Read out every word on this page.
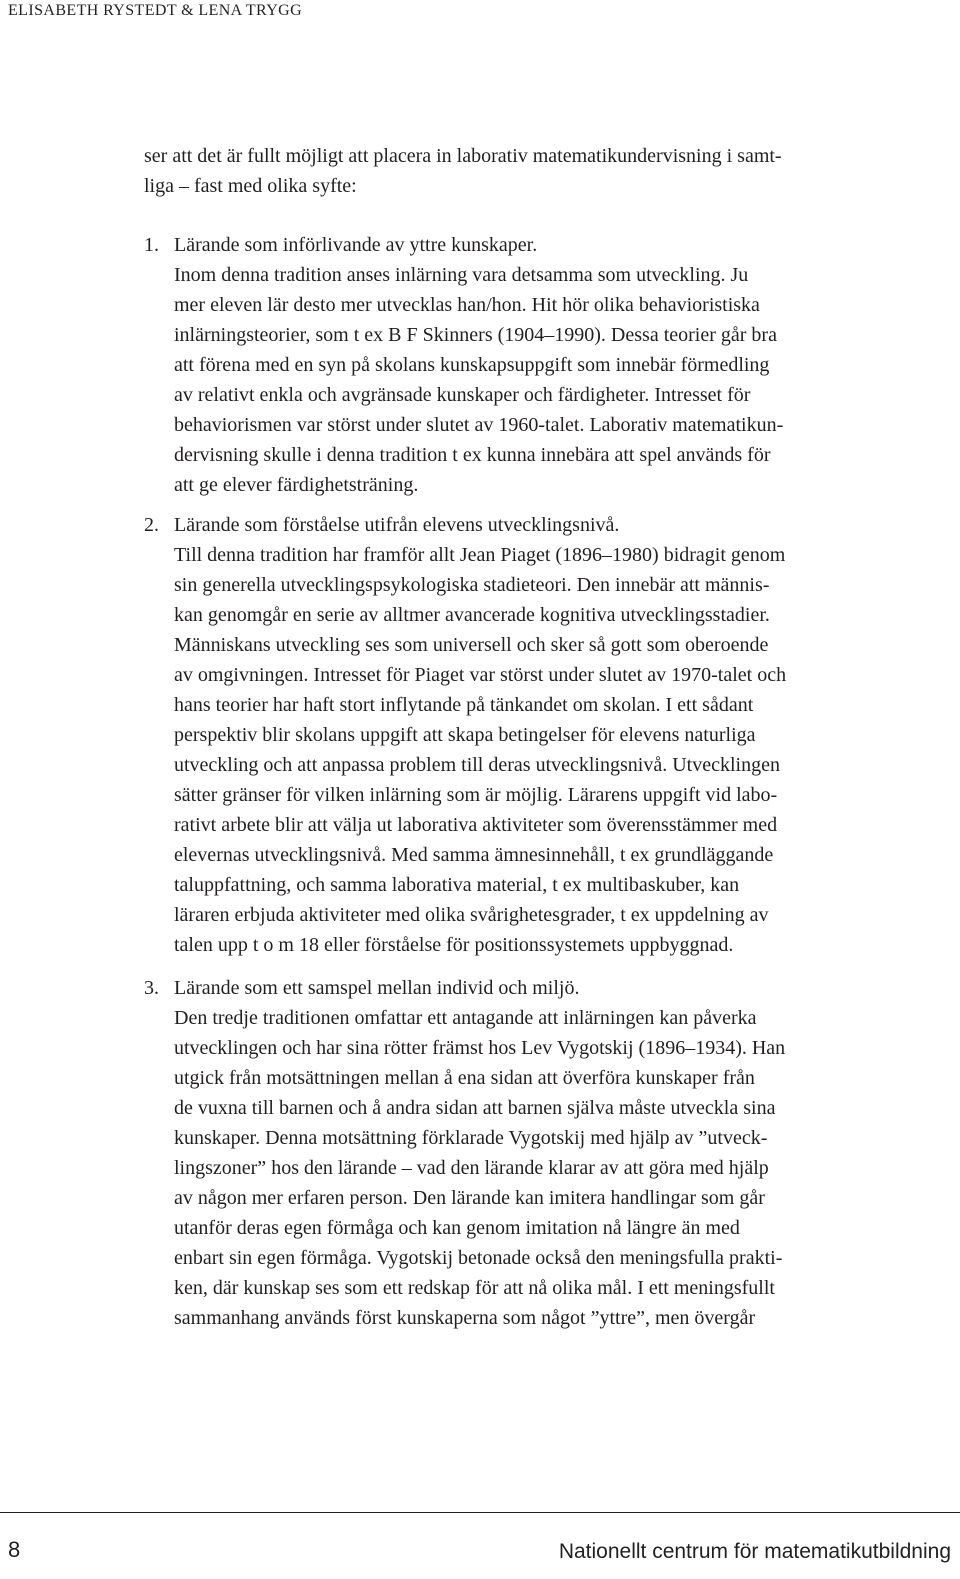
ELISABETH RYSTEDT & LENA TRYGG
ser att det är fullt möjligt att placera in laborativ matematikundervisning i samt-
liga – fast med olika syfte:
1. Lärande som införlivande av yttre kunskaper.
Inom denna tradition anses inlärning vara detsamma som utveckling. Ju
mer eleven lär desto mer utvecklas han/hon. Hit hör olika behavioristiska
inlärningsteorier, som t ex B F Skinners (1904–1990). Dessa teorier går bra
att förena med en syn på skolans kunskapsuppgift som innebär förmedling
av relativt enkla och avgränsade kunskaper och färdigheter. Intresset för
behaviorismen var störst under slutet av 1960-talet. Laborativ matematikun-
dervisning skulle i denna tradition t ex kunna innebära att spel används för
att ge elever färdighetsträning.
2. Lärande som förståelse utifrån elevens utvecklingsnivå.
Till denna tradition har framför allt Jean Piaget (1896–1980) bidragit genom
sin generella utvecklingspsykologiska stadieteori. Den innebär att männis-
kan genomgår en serie av alltmer avancerade kognitiva utvecklingsstadier.
Människans utveckling ses som universell och sker så gott som oberoende
av omgivningen. Intresset för Piaget var störst under slutet av 1970-talet och
hans teorier har haft stort inflytande på tänkandet om skolan. I ett sådant
perspektiv blir skolans uppgift att skapa betingelser för elevens naturliga
utveckling och att anpassa problem till deras utvecklingsnivå. Utvecklingen
sätter gränser för vilken inlärning som är möjlig. Lärarens uppgift vid labo-
rativt arbete blir att välja ut laborativa aktiviteter som överensstämmer med
elevernas utvecklingsnivå. Med samma ämnesinnehåll, t ex grundläggande
taluppfattning, och samma laborativa material, t ex multibaskuber, kan
läraren erbjuda aktiviteter med olika svårighetesgrader, t ex uppdelning av
talen upp t o m 18 eller förståelse för positionssystemets uppbyggnad.
3. Lärande som ett samspel mellan individ och miljö.
Den tredje traditionen omfattar ett antagande att inlärningen kan påverka
utvecklingen och har sina rötter främst hos Lev Vygotskij (1896–1934). Han
utgick från motsättningen mellan å ena sidan att överföra kunskaper från
de vuxna till barnen och å andra sidan att barnen själva måste utveckla sina
kunskaper. Denna motsättning förklarade Vygotskij med hjälp av ”utveck-
lingszoner” hos den lärande – vad den lärande klarar av att göra med hjälp
av någon mer erfaren person. Den lärande kan imitera handlingar som går
utanför deras egen förmåga och kan genom imitation nå längre än med
enbart sin egen förmåga. Vygotskij betonade också den meningsfulla prakti-
ken, där kunskap ses som ett redskap för att nå olika mål. I ett meningsfullt
sammanhang används först kunskaperna som något ”yttre”, men övergår
8	Nationellt centrum för matematikutbildning
